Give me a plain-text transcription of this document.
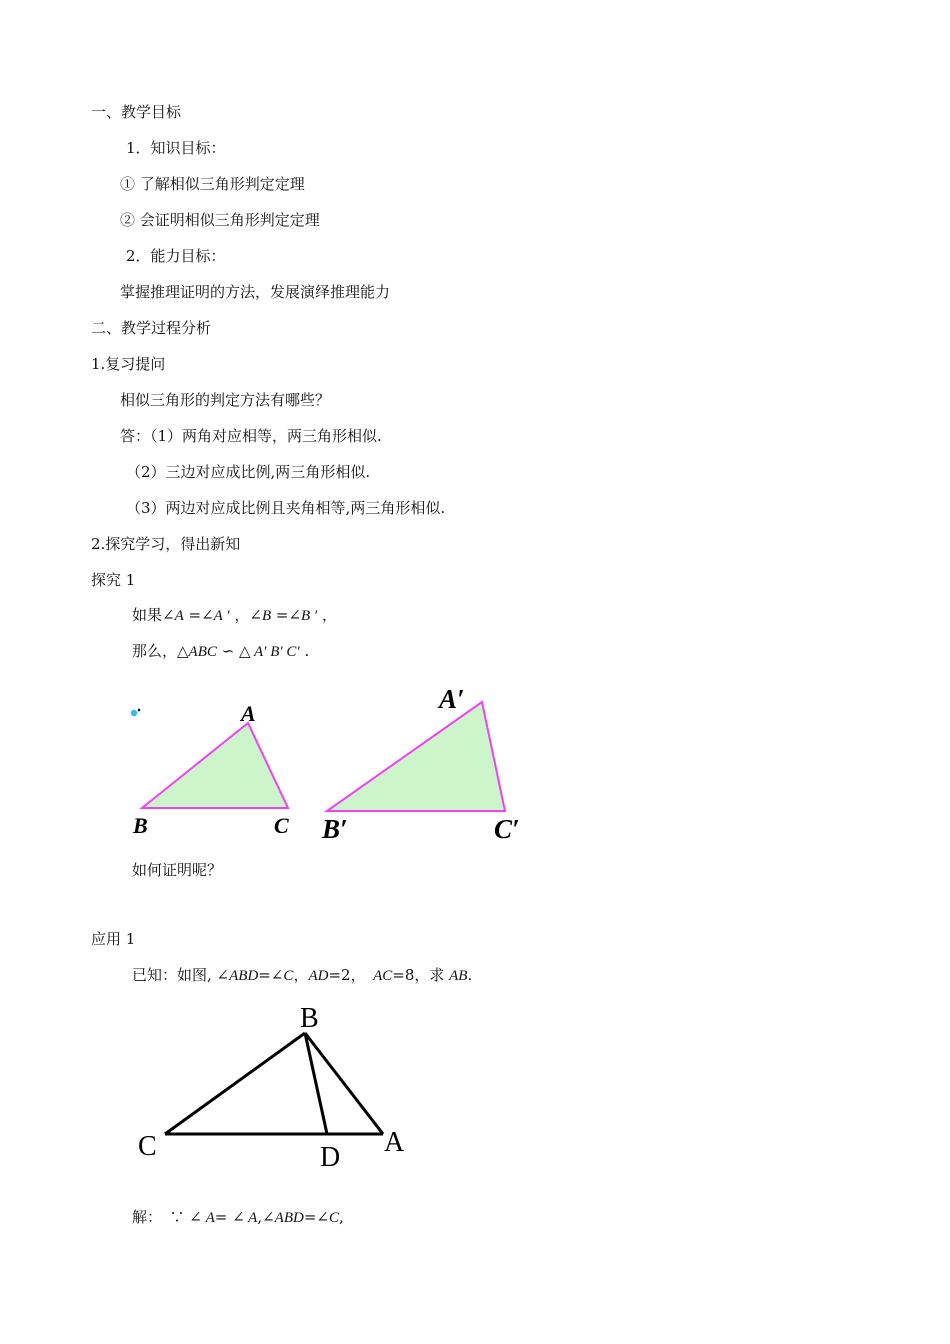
一、教学目标
1．知识目标：
① 了解相似三角形判定定理
② 会证明相似三角形判定定理
2．能力目标：
掌握推理证明的方法，发展演绎推理能力
二、教学过程分析
1.复习提问
相似三角形的判定方法有哪些？
答：（1）两角对应相等，两三角形相似.
（2）三边对应成比例,两三角形相似.
（3）两边对应成比例且夹角相等,两三角形相似.
2.探究学习，得出新知
探究 1
如果∠A =∠A ′ ，∠B =∠B ′ ，
那么，△ABC ∽ △ A′ B′ C′ .
A
B	C
A′
B′	C′
如何证明呢？
应用 1
已知：如图, ∠ABD=∠C，AD=2，　AC=8，求 AB.
B
C	D A
解：　∵ ∠ A= ∠ A,∠ABD=∠C,
